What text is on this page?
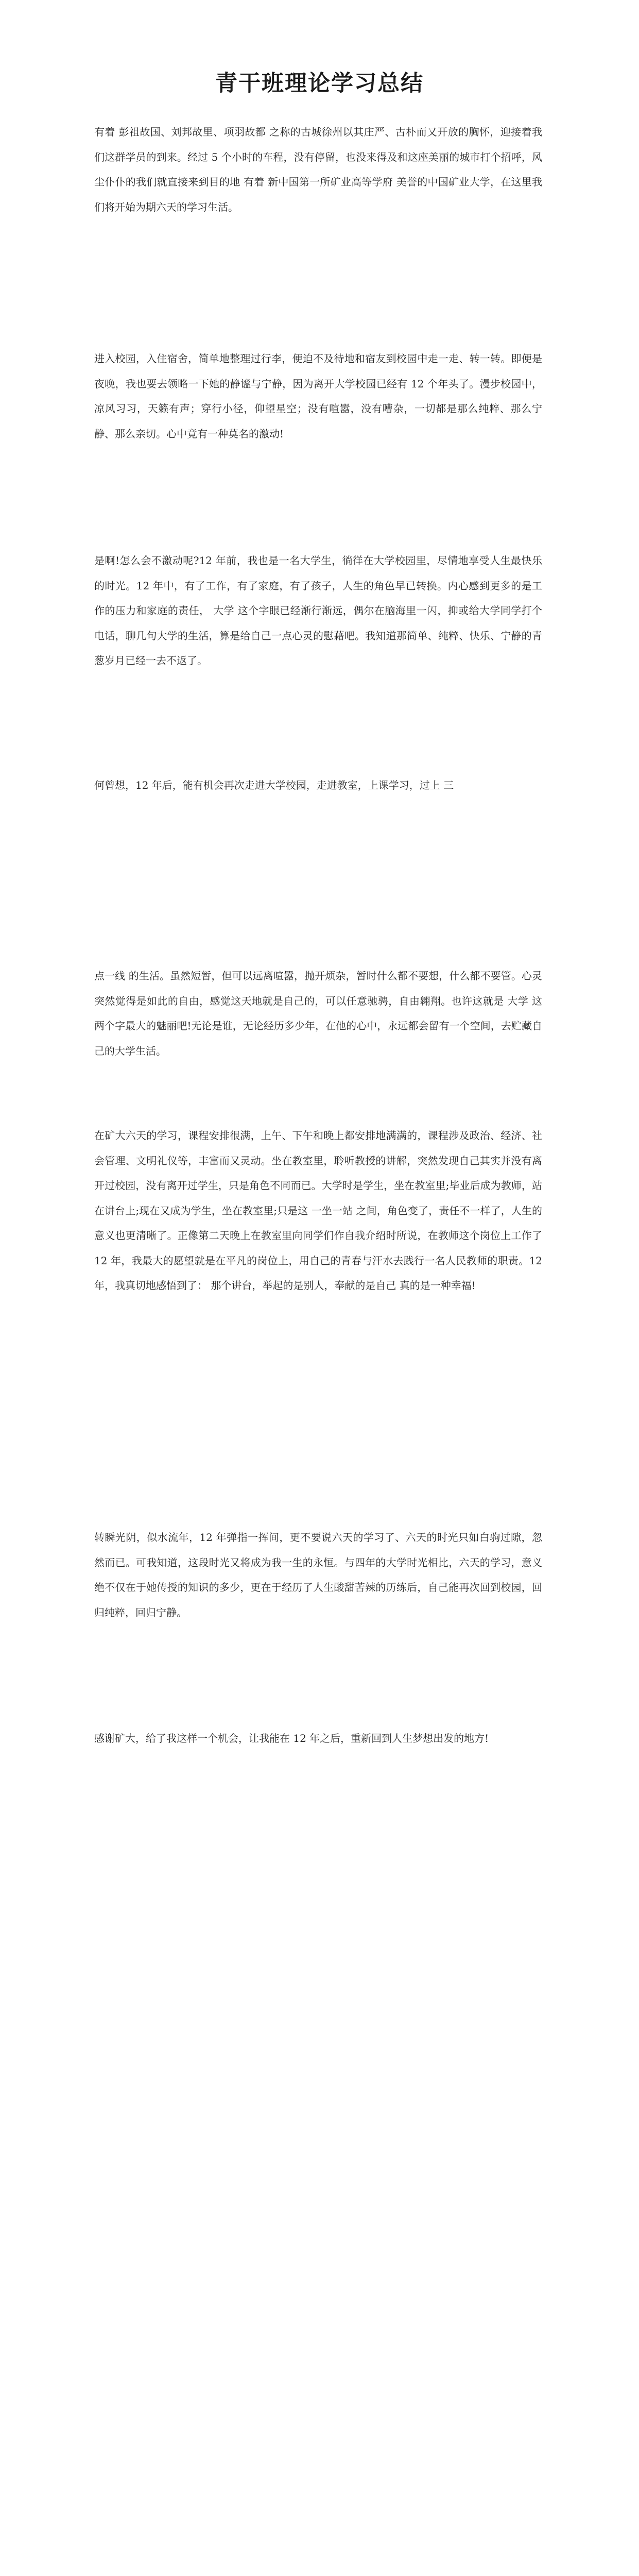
青干班理论学习总结
有着 彭祖故国、刘邦故里、项羽故都 之称的古城徐州以其庄严、古朴而又开放的胸怀，迎接着我们这群学员的到来。经过 5 个小时的车程，没有停留，也没来得及和这座美丽的城市打个招呼，风尘仆仆的我们就直接来到目的地 有着 新中国第一所矿业高等学府 美誉的中国矿业大学，在这里我们将开始为期六天的学习生活。
进入校园，入住宿舍，简单地整理过行李，便迫不及待地和宿友到校园中走一走、转一转。即便是夜晚，我也要去领略一下她的静谧与宁静，因为离开大学校园已经有 12 个年头了。漫步校园中，凉风习习，天籁有声；穿行小径，仰望星空；没有喧嚣，没有嘈杂，一切都是那么纯粹、那么宁静、那么亲切。心中竟有一种莫名的激动!
是啊!怎么会不激动呢?12 年前，我也是一名大学生，徜徉在大学校园里，尽情地享受人生最快乐的时光。12 年中，有了工作，有了家庭，有了孩子，人生的角色早已转换。内心感到更多的是工作的压力和家庭的责任， 大学 这个字眼已经渐行渐远，偶尔在脑海里一闪，抑或给大学同学打个电话，聊几句大学的生活，算是给自己一点心灵的慰藉吧。我知道那简单、纯粹、快乐、宁静的青葱岁月已经一去不返了。
何曾想，12 年后，能有机会再次走进大学校园，走进教室，上课学习，过上 三
点一线 的生活。虽然短暂，但可以远离喧嚣，抛开烦杂，暂时什么都不要想，什么都不要管。心灵突然觉得是如此的自由，感觉这天地就是自己的，可以任意驰骋，自由翱翔。也许这就是 大学 这两个字最大的魅丽吧!无论是谁，无论经历多少年，在他的心中，永远都会留有一个空间，去贮藏自己的大学生活。
在矿大六天的学习，课程安排很满，上午、下午和晚上都安排地满满的，课程涉及政治、经济、社会管理、文明礼仪等，丰富而又灵动。坐在教室里，聆听教授的讲解，突然发现自己其实并没有离开过校园，没有离开过学生，只是角色不同而已。大学时是学生，坐在教室里;毕业后成为教师，站在讲台上;现在又成为学生，坐在教室里;只是这 一坐一站 之间，角色变了，责任不一样了，人生的意义也更清晰了。正像第二天晚上在教室里向同学们作自我介绍时所说，在教师这个岗位上工作了 12 年，我最大的愿望就是在平凡的岗位上，用自己的青春与汗水去践行一名人民教师的职责。12 年，我真切地感悟到了： 那个讲台，举起的是别人，奉献的是自己 真的是一种幸福!
转瞬光阴，似水流年，12 年弹指一挥间，更不要说六天的学习了、六天的时光只如白驹过隙，忽然而已。可我知道，这段时光又将成为我一生的永恒。与四年的大学时光相比，六天的学习，意义绝不仅在于她传授的知识的多少，更在于经历了人生酸甜苦辣的历练后，自己能再次回到校园，回归纯粹，回归宁静。
感谢矿大，给了我这样一个机会，让我能在 12 年之后，重新回到人生梦想出发的地方!
